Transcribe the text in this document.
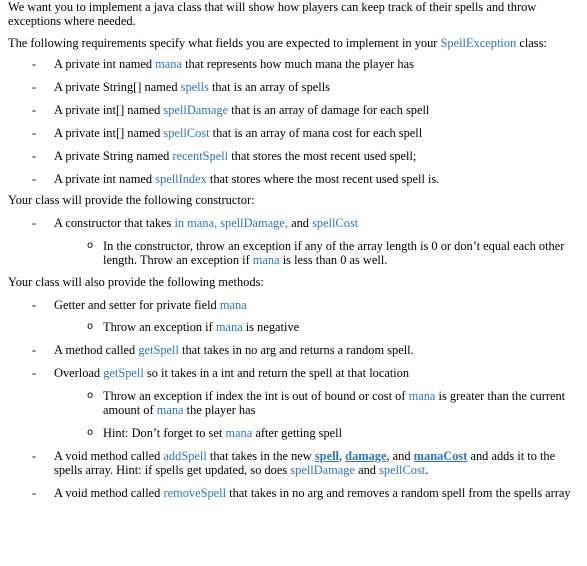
We want you to implement a java class that will show how players can keep track of their spells and throw exceptions where needed.

The following requirements specify what fields you are expected to implement in your SpellException class:

- A private int named mana that represents how much mana the player has
- A private String[] named spells that is an array of spells
- A private int[] named spellDamage that is an array of damage for each spell
- A private int[] named spellCost that is an array of mana cost for each spell
- A private String named recentSpell that stores the most recent used spell;
- A private int named spellIndex that stores where the most recent used spell is.

Your class will provide the following constructor:

- A constructor that takes in mana, spellDamage, and spellCost
o In the constructor, throw an exception if any of the array length is 0 or don’t equal each other length. Throw an exception if mana is less than 0 as well.

Your class will also provide the following methods:

- Getter and setter for private field mana
o Throw an exception if mana is negative
- A method called getSpell that takes in no arg and returns a random spell.
- Overload getSpell so it takes in a int and return the spell at that location
o Throw an exception if index the int is out of bound or cost of mana is greater than the current amount of mana the player has
o Hint: Don’t forget to set mana after getting spell
- A void method called addSpell that takes in the new spell, damage, and manaCost and adds it to the spells array. Hint: if spells get updated, so does spellDamage and spellCost.
- A void method called removeSpell that takes in no arg and removes a random spell from the spells array
